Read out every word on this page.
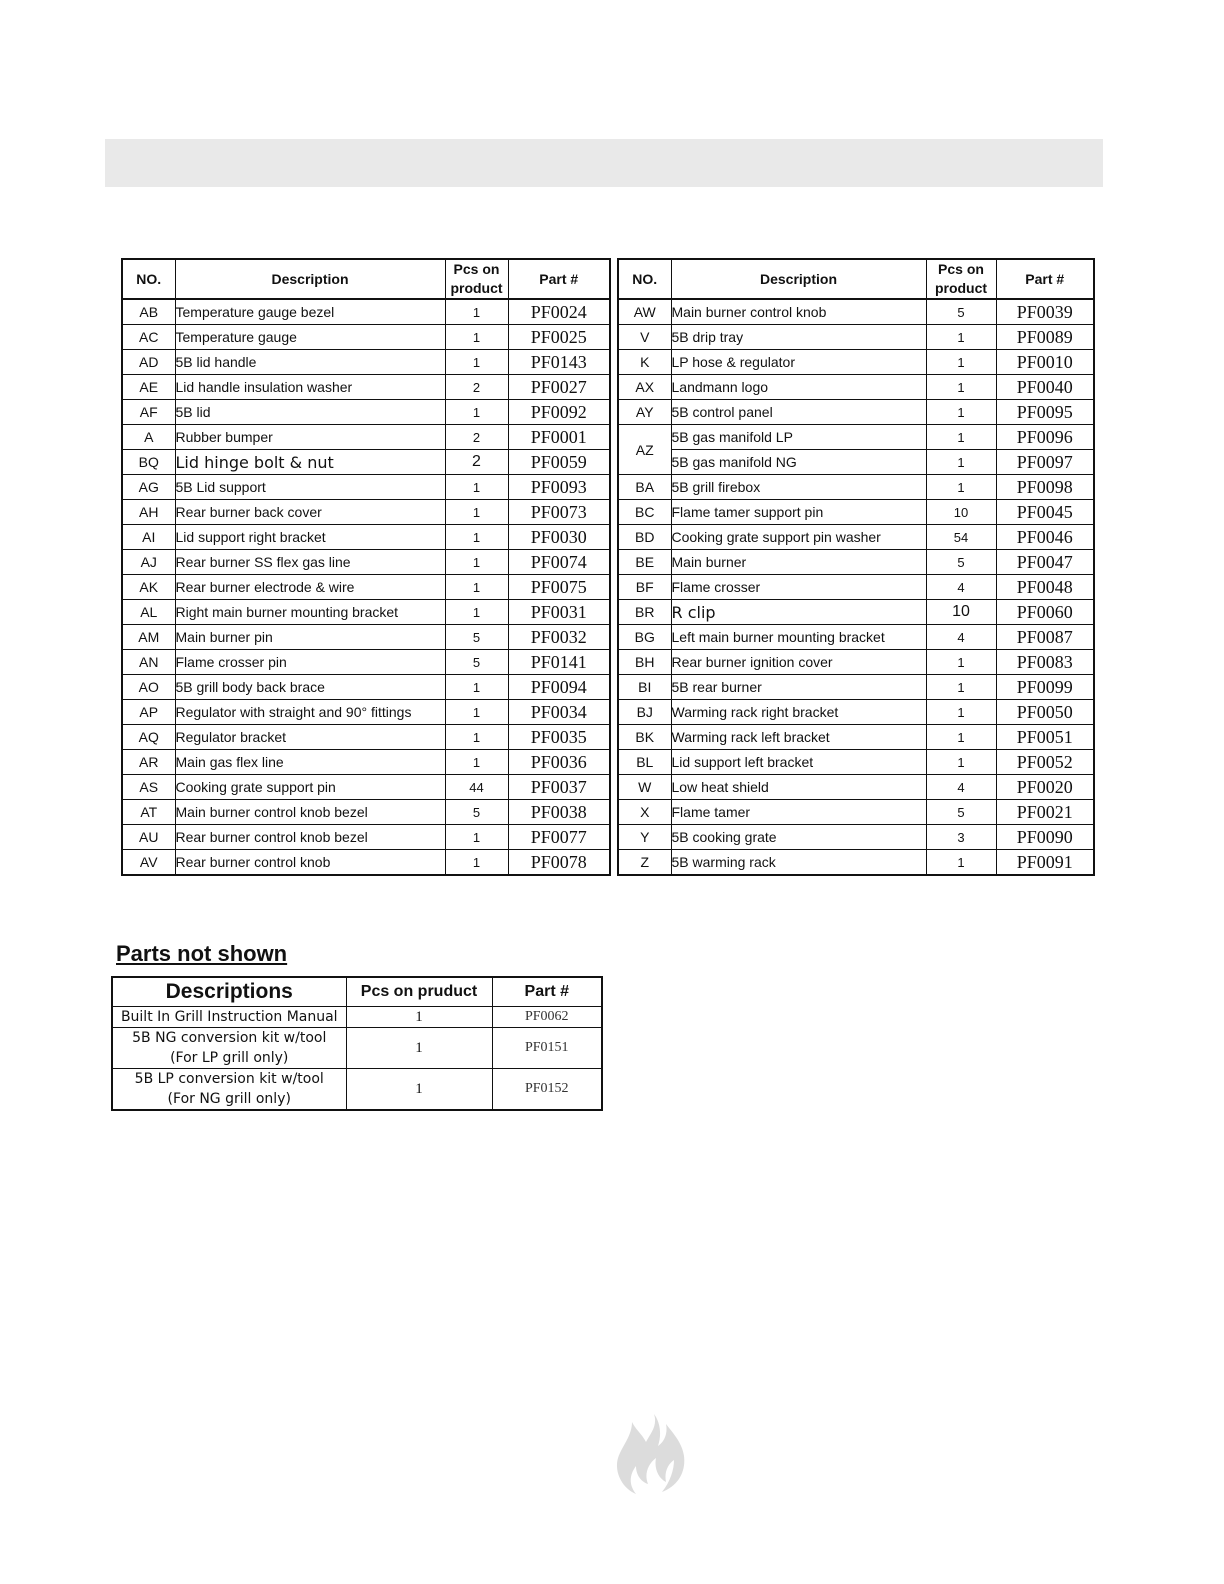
NO.	Description	Pcs on product	Part #
AB	Temperature gauge bezel	1	PF0024
AC	Temperature gauge	1	PF0025
AD	5B lid handle	1	PF0143
AE	Lid handle insulation washer	2	PF0027
AF	5B lid	1	PF0092
A	Rubber bumper	2	PF0001
BQ	Lid hinge bolt & nut	2	PF0059
AG	5B Lid support	1	PF0093
AH	Rear burner back cover	1	PF0073
AI	Lid support right bracket	1	PF0030
AJ	Rear burner SS flex gas line	1	PF0074
AK	Rear burner electrode & wire	1	PF0075
AL	Right main burner mounting bracket	1	PF0031
AM	Main burner pin	5	PF0032
AN	Flame crosser pin	5	PF0141
AO	5B grill body back brace	1	PF0094
AP	Regulator with straight and 90° fittings	1	PF0034
AQ	Regulator bracket	1	PF0035
AR	Main gas flex line	1	PF0036
AS	Cooking grate support pin	44	PF0037
AT	Main burner control knob bezel	5	PF0038
AU	Rear burner control knob bezel	1	PF0077
AV	Rear burner control knob	1	PF0078
NO.	Description	Pcs on product	Part #
AW	Main burner control knob	5	PF0039
V	5B drip tray	1	PF0089
K	LP hose & regulator	1	PF0010
AX	Landmann logo	1	PF0040
AY	5B control panel	1	PF0095
AZ	5B gas manifold LP	1	PF0096
	5B gas manifold NG	1	PF0097
BA	5B grill firebox	1	PF0098
BC	Flame tamer support pin	10	PF0045
BD	Cooking grate support pin washer	54	PF0046
BE	Main burner	5	PF0047
BF	Flame crosser	4	PF0048
BR	R clip	10	PF0060
BG	Left main burner mounting bracket	4	PF0087
BH	Rear burner ignition cover	1	PF0083
BI	5B rear burner	1	PF0099
BJ	Warming rack right bracket	1	PF0050
BK	Warming rack left bracket	1	PF0051
BL	Lid support left bracket	1	PF0052
W	Low heat shield	4	PF0020
X	Flame tamer	5	PF0021
Y	5B cooking grate	3	PF0090
Z	5B warming rack	1	PF0091
Parts not shown
Descriptions	Pcs on pruduct	Part #

Built In Grill Instruction Manual	1	PF0062

5B NG conversion kit w/tool
(For LP grill only)	1	PF0151

5B LP conversion kit w/tool
(For NG grill only)	1	PF0152
